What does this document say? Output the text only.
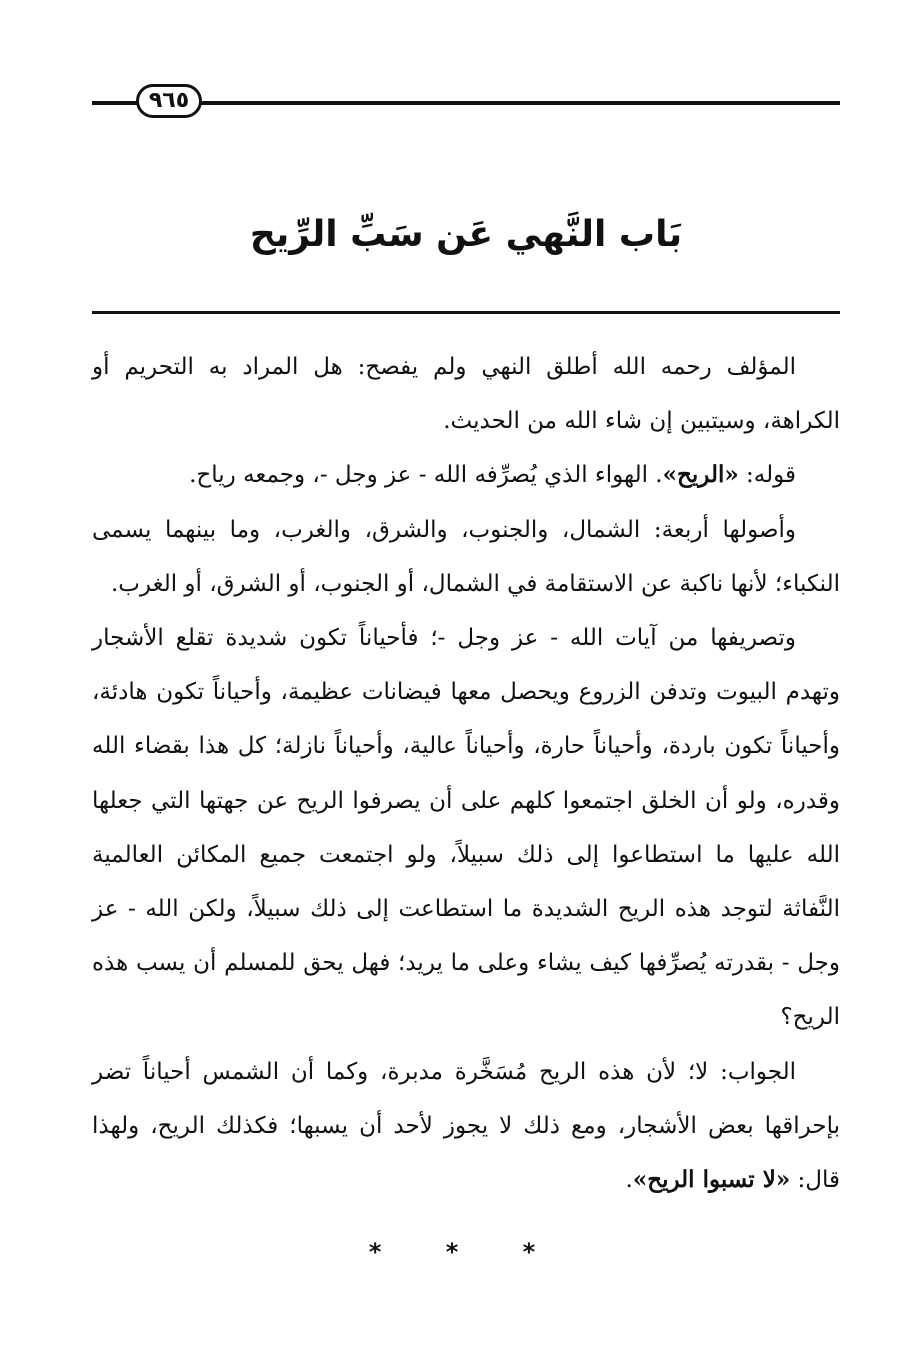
٩٦٥
بَاب النَّهي عَن سَبِّ الرِّيح

المؤلف رحمه الله أطلق النهي ولم يفصح: هل المراد به التحريم أو الكراهة، وسيتبين إن شاء الله من الحديث.

قوله: «الريح». الهواء الذي يُصرِّفه الله - عز وجل -، وجمعه رياح.

وأصولها أربعة: الشمال، والجنوب، والشرق، والغرب، وما بينهما يسمى النكباء؛ لأنها ناكبة عن الاستقامة في الشمال، أو الجنوب، أو الشرق، أو الغرب.

وتصريفها من آيات الله - عز وجل -؛ فأحياناً تكون شديدة تقلع الأشجار وتهدم البيوت وتدفن الزروع ويحصل معها فيضانات عظيمة، وأحياناً تكون هادئة، وأحياناً تكون باردة، وأحياناً حارة، وأحياناً عالية، وأحياناً نازلة؛ كل هذا بقضاء الله وقدره، ولو أن الخلق اجتمعوا كلهم على أن يصرفوا الريح عن جهتها التي جعلها الله عليها ما استطاعوا إلى ذلك سبيلاً، ولو اجتمعت جميع المكائن العالمية النَّفاثة لتوجد هذه الريح الشديدة ما استطاعت إلى ذلك سبيلاً، ولكن الله - عز وجل - بقدرته يُصرِّفها كيف يشاء وعلى ما يريد؛ فهل يحق للمسلم أن يسب هذه الريح؟

الجواب: لا؛ لأن هذه الريح مُسَخَّرة مدبرة، وكما أن الشمس أحياناً تضر بإحراقها بعض الأشجار، ومع ذلك لا يجوز لأحد أن يسبها؛ فكذلك الريح، ولهذا قال: «لا تسبوا الريح».

* * *
